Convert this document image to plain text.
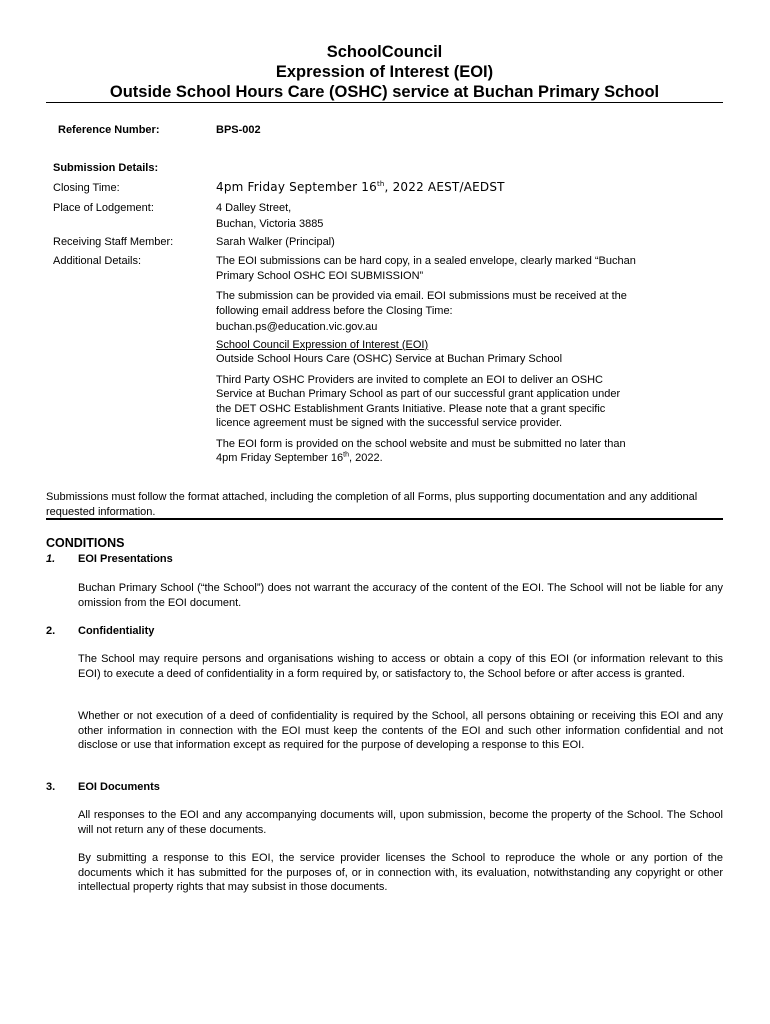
SchoolCouncil
Expression of Interest (EOI)
Outside School Hours Care (OSHC) service at Buchan Primary School
Reference Number:	BPS-002
Submission Details:
Closing Time:	4pm Friday September 16th, 2022 AEST/AEDST
Place of Lodgement:	4 Dalley Street,
Buchan, Victoria 3885
Receiving Staff Member:	Sarah Walker (Principal)
Additional Details:	The EOI submissions can be hard copy, in a sealed envelope, clearly marked “Buchan Primary School OSHC EOI SUBMISSION”

The submission can be provided via email. EOI submissions must be received at the following email address before the Closing Time:

buchan.ps@education.vic.gov.au
School Council Expression of Interest (EOI)

Outside School Hours Care (OSHC) Service at Buchan Primary School

Third Party OSHC Providers are invited to complete an EOI to deliver an OSHC Service at Buchan Primary School as part of our successful grant application under the DET OSHC Establishment Grants Initiative. Please note that a grant specific licence agreement must be signed with the successful service provider.

The EOI form is provided on the school website and must be submitted no later than 4pm Friday September 16th, 2022.

Submissions must follow the format attached, including the completion of all Forms, plus supporting documentation and any additional requested information.
CONDITIONS
1. EOI Presentations
Buchan Primary School (“the School”) does not warrant the accuracy of the content of the EOI. The School will not be liable for any omission from the EOI document.
2. Confidentiality
The School may require persons and organisations wishing to access or obtain a copy of this EOI (or information relevant to this EOI) to execute a deed of confidentiality in a form required by, or satisfactory to, the School before or after access is granted.
Whether or not execution of a deed of confidentiality is required by the School, all persons obtaining or receiving this EOI and any other information in connection with the EOI must keep the contents of the EOI and such other information confidential and not disclose or use that information except as required for the purpose of developing a response to this EOI.
3. EOI Documents
All responses to the EOI and any accompanying documents will, upon submission, become the property of the School. The School will not return any of these documents.
By submitting a response to this EOI, the service provider licenses the School to reproduce the whole or any portion of the documents which it has submitted for the purposes of, or in connection with, its evaluation, notwithstanding any copyright or other intellectual property rights that may subsist in those documents.
